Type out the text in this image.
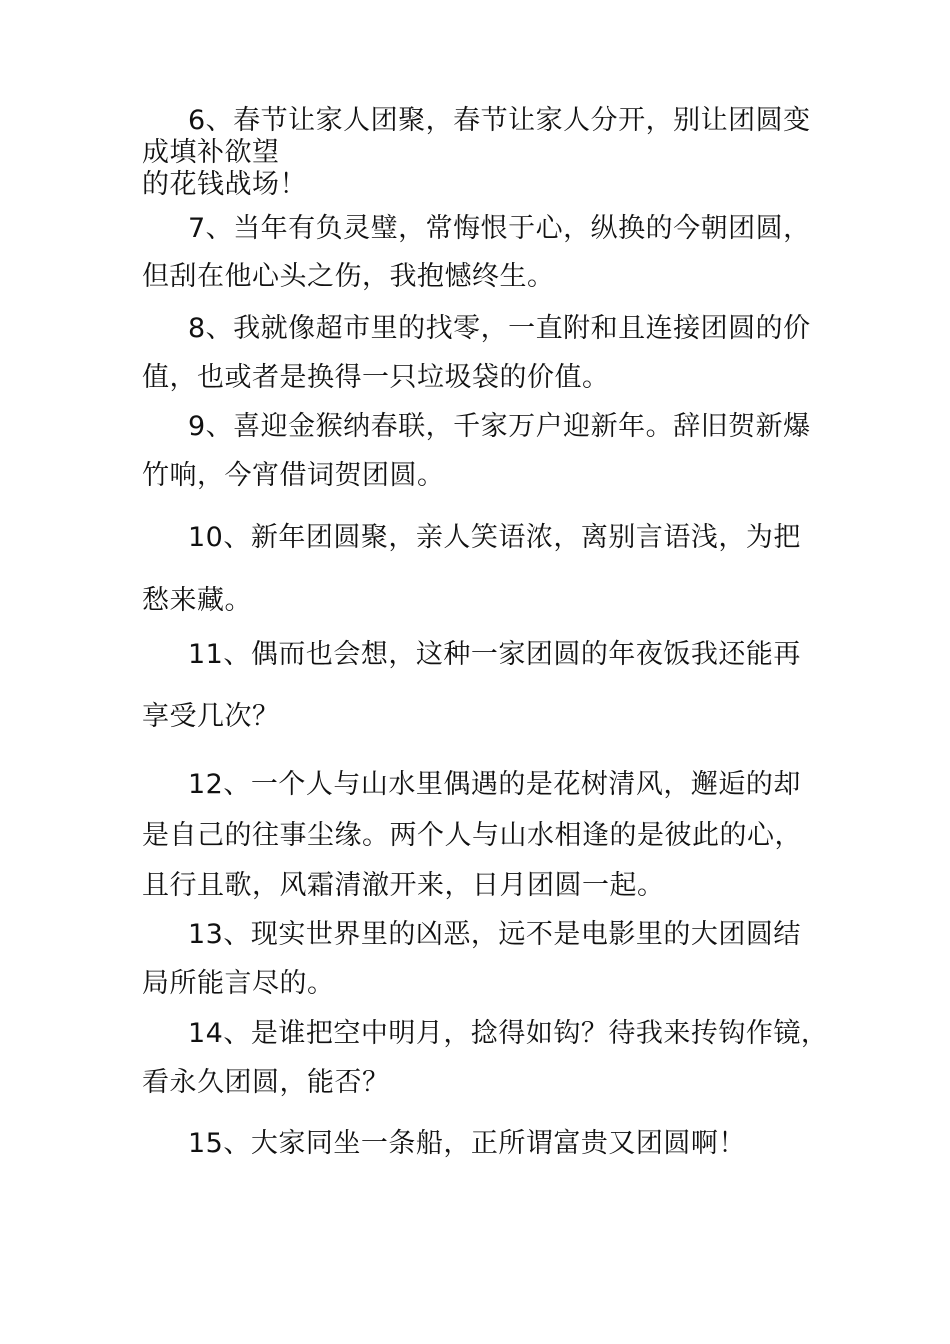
6、春节让家人团聚，春节让家人分开，别让团圆变
成填补欲望
的花钱战场！
7、当年有负灵璧，常悔恨于心，纵换的今朝团圆，
但刮在他心头之伤，我抱憾终生。
8、我就像超市里的找零，一直附和且连接团圆的价
值，也或者是换得一只垃圾袋的价值。
9、喜迎金猴纳春联，千家万户迎新年。辞旧贺新爆
竹响，今宵借词贺团圆。
10、新年团圆聚，亲人笑语浓，离别言语浅，为把
愁来藏。
11、偶而也会想，这种一家团圆的年夜饭我还能再
享受几次？
12、一个人与山水里偶遇的是花树清风，邂逅的却
是自己的往事尘缘。两个人与山水相逢的是彼此的心，
且行且歌，风霜清澈开来，日月团圆一起。
13、现实世界里的凶恶，远不是电影里的大团圆结
局所能言尽的。
14、是谁把空中明月，捻得如钩？待我来抟钩作镜，
看永久团圆，能否？
15、大家同坐一条船，正所谓富贵又团圆啊！
